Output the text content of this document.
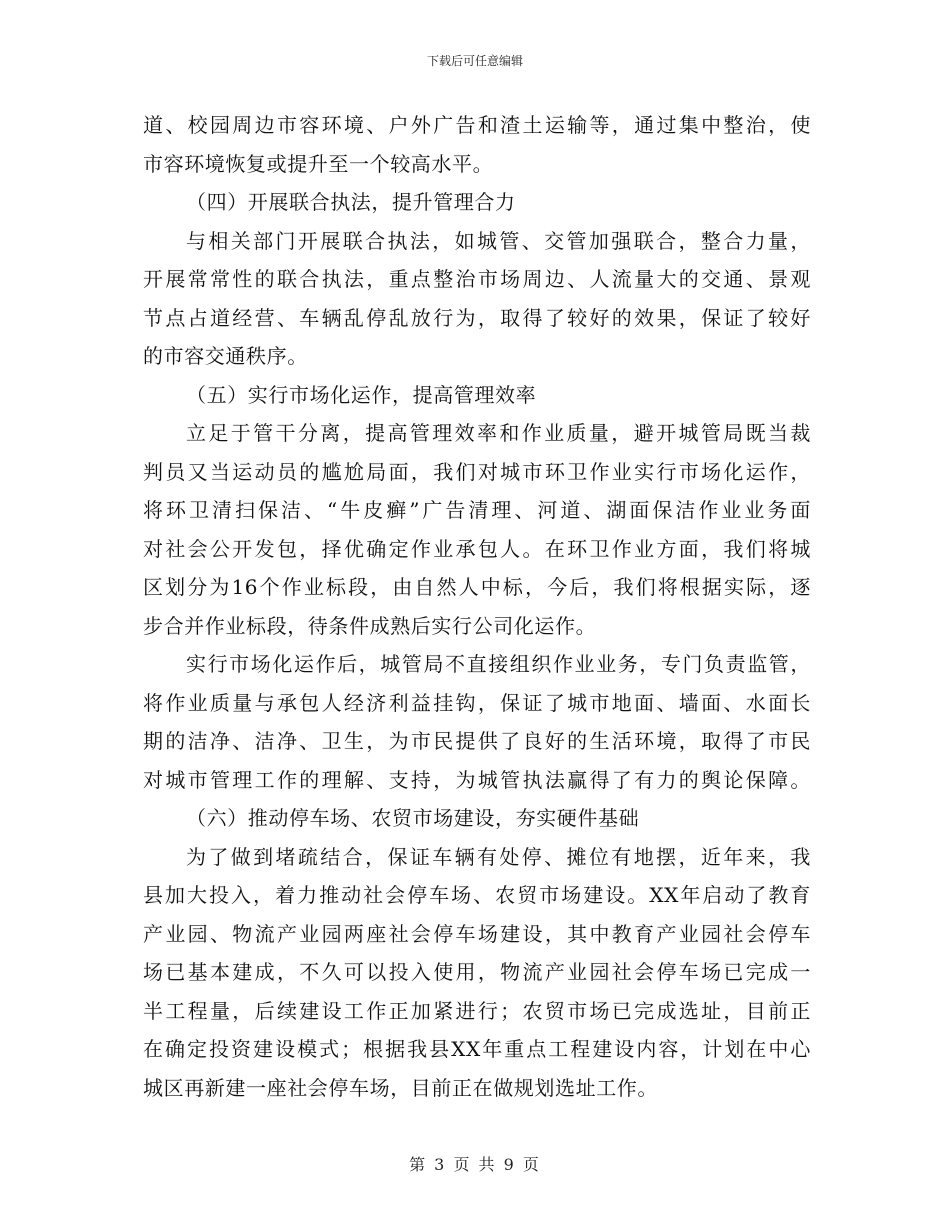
下载后可任意编辑
道、校园周边市容环境、户外广告和渣土运输等，通过集中整治，使
市容环境恢复或提升至一个较高水平。
（四）开展联合执法，提升管理合力
与相关部门开展联合执法，如城管、交管加强联合，整合力量，
开展常常性的联合执法，重点整治市场周边、人流量大的交通、景观
节点占道经营、车辆乱停乱放行为，取得了较好的效果，保证了较好
的市容交通秩序。
（五）实行市场化运作，提高管理效率
立足于管干分离，提高管理效率和作业质量，避开城管局既当裁
判员又当运动员的尴尬局面，我们对城市环卫作业实行市场化运作，
将环卫清扫保洁、“牛皮癣”广告清理、河道、湖面保洁作业业务面
对社会公开发包，择优确定作业承包人。在环卫作业方面，我们将城
区划分为16个作业标段，由自然人中标，今后，我们将根据实际，逐
步合并作业标段，待条件成熟后实行公司化运作。
实行市场化运作后，城管局不直接组织作业业务，专门负责监管，
将作业质量与承包人经济利益挂钩，保证了城市地面、墙面、水面长
期的洁净、洁净、卫生，为市民提供了良好的生活环境，取得了市民
对城市管理工作的理解、支持，为城管执法赢得了有力的舆论保障。
（六）推动停车场、农贸市场建设，夯实硬件基础
为了做到堵疏结合，保证车辆有处停、摊位有地摆，近年来，我
县加大投入，着力推动社会停车场、农贸市场建设。XX年启动了教育
产业园、物流产业园两座社会停车场建设，其中教育产业园社会停车
场已基本建成，不久可以投入使用，物流产业园社会停车场已完成一
半工程量，后续建设工作正加紧进行；农贸市场已完成选址，目前正
在确定投资建设模式；根据我县XX年重点工程建设内容，计划在中心
城区再新建一座社会停车场，目前正在做规划选址工作。
第 3 页 共 9 页
